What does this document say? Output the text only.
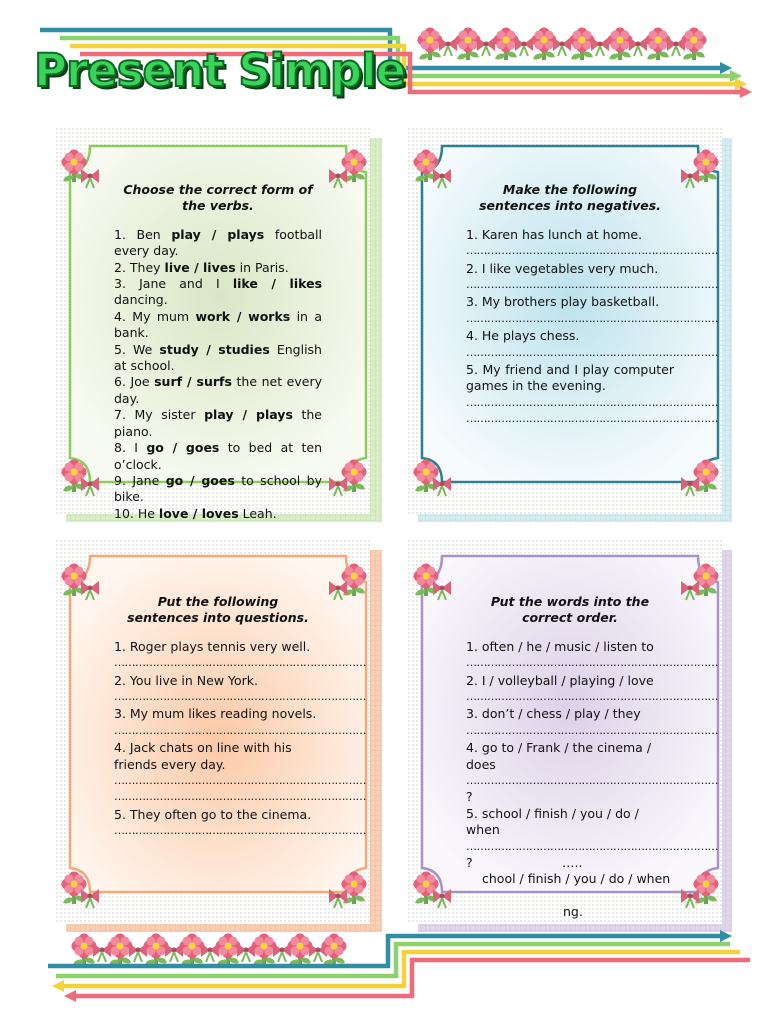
Present Simple

Choose the correct form of the verbs.

1. Ben play / plays football every day.

2. They live / lives in Paris.

3. Jane and I like / likes dancing.

4. My mum work / works in a bank.

5. We study / studies English at school.

6. Joe surf / surfs the net every day.

7. My sister play / plays the piano.

8. I go / goes to bed at ten o’clock.

9. Jane go / goes to school by bike.

10. He love / loves Leah.

Make the following sentences into negatives.

1. Karen has lunch at home.

………………………………………………………………

2. I like vegetables very much.

………………………………………………………………

3. My brothers play basketball.

………………………………………………………………

4. He plays chess.

………………………………………………………………

5. My friend and I play computer games in the evening.

………………………………………………………………

………………………………………………………………

Put the following sentences into questions.

1. Roger plays tennis very well.

………………………………………………………………

2. You live in New York.

………………………………………………………………

3. My mum likes reading novels.

………………………………………………………………

4. Jack chats on line with his friends every day.

………………………………………………………………

………………………………………………………………

5. They often go to the cinema.

………………………………………………………………

Put the words into the correct order.

1. often / he / music / listen to

………………………………………………………………

2. I / volleyball / playing / love

………………………………………………………………

3. don’t / chess / play / they

………………………………………………………………

4. go to / Frank / the cinema / does

………………………………………………………………

?

5. school / finish / you / do / when

………………………………………………………………

?	…..
chool / finish / you / do / when
ng.
